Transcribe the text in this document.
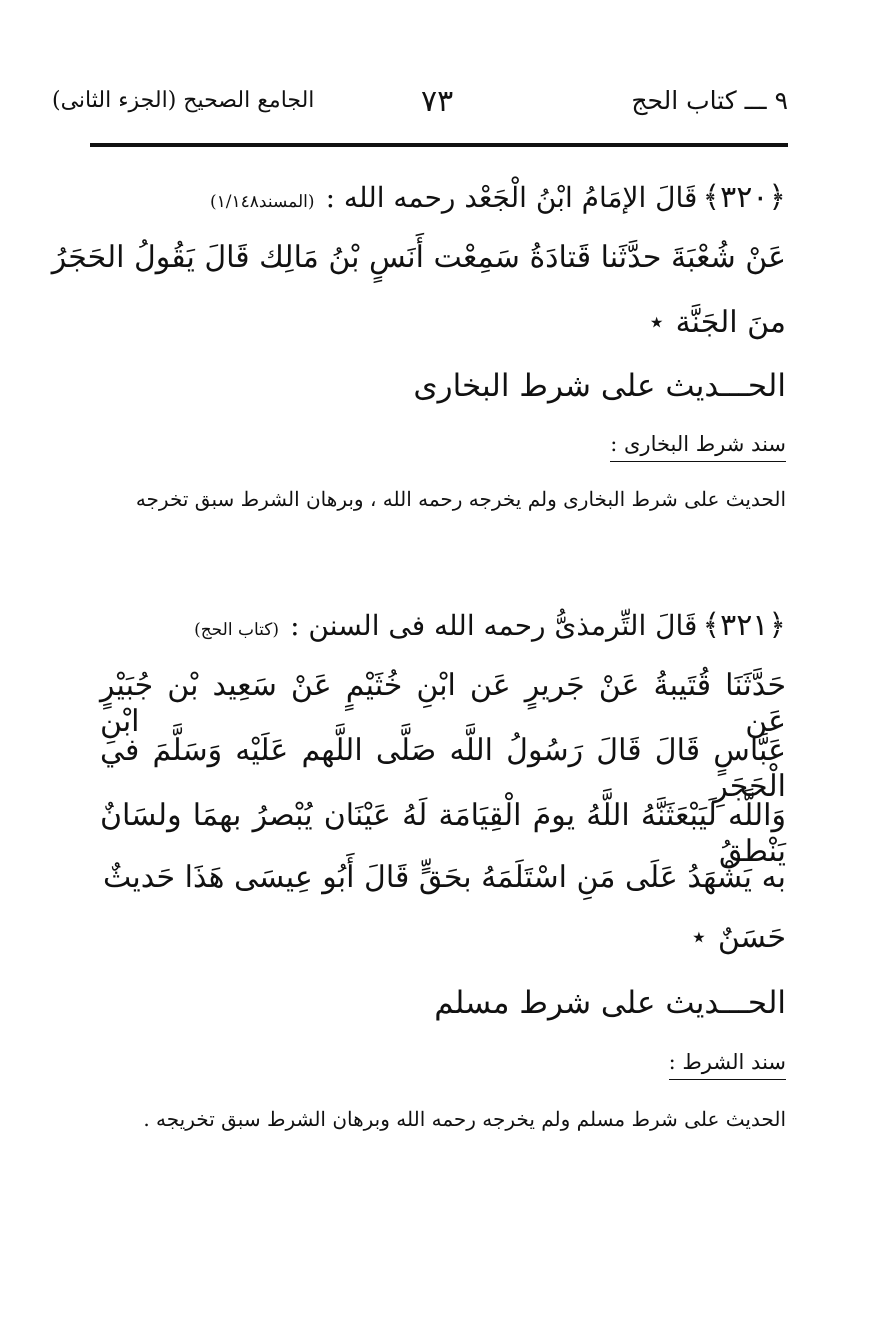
٩ ـــ كتاب الحج
٧٣
الجامع الصحيح (الجزء الثانى)
﴿٣٢٠﴾ قَالَ الإمَامُ ابْنُ الْجَعْد رحمه الله : (المسند١/١٤٨)
عَنْ شُعْبَةَ حدَّثَنا قَتادَةُ سَمِعْت أَنَسٍ بْنُ مَالِك قَالَ يَقُولُ الحَجَرُ
منَ الجَنَّة ⋆
الحـــديث على شرط البخارى
سند شرط البخارى :
الحديث على شرط البخارى ولم يخرجه رحمه الله ، وبرهان الشرط سبق تخرجه
﴿٣٢١﴾ قَالَ التِّرمذىُّ رحمه الله فى السنن : (كتاب الحج)
حَدَّثَنَا قُتَيبةُ عَنْ جَريرٍ عَن ابْنِ خُثَيْمٍ عَنْ سَعِيد بْن جُبَيْرٍ عَن ابْنِ
عَبَّاسٍ قَالَ قَالَ رَسُولُ اللَّه صَلَّى اللَّهم عَلَيْه وَسَلَّمَ في الْحَجَرِ
وَاللَّه لَيَبْعَثَنَّهُ اللَّهُ يومَ الْقِيَامَة لَهُ عَيْنَان يُبْصرُ بهمَا ولسَانٌ يَنْطقُ
به يَشْهَدُ عَلَى مَنِ اسْتَلَمَهُ بحَقٍّ قَالَ أَبُو عِيسَى هَذَا حَديثٌ
حَسَنٌ ⋆
الحـــديث على شرط مسلم
سند الشرط :
الحديث على شرط مسلم ولم يخرجه رحمه الله وبرهان الشرط سبق تخريجه .
